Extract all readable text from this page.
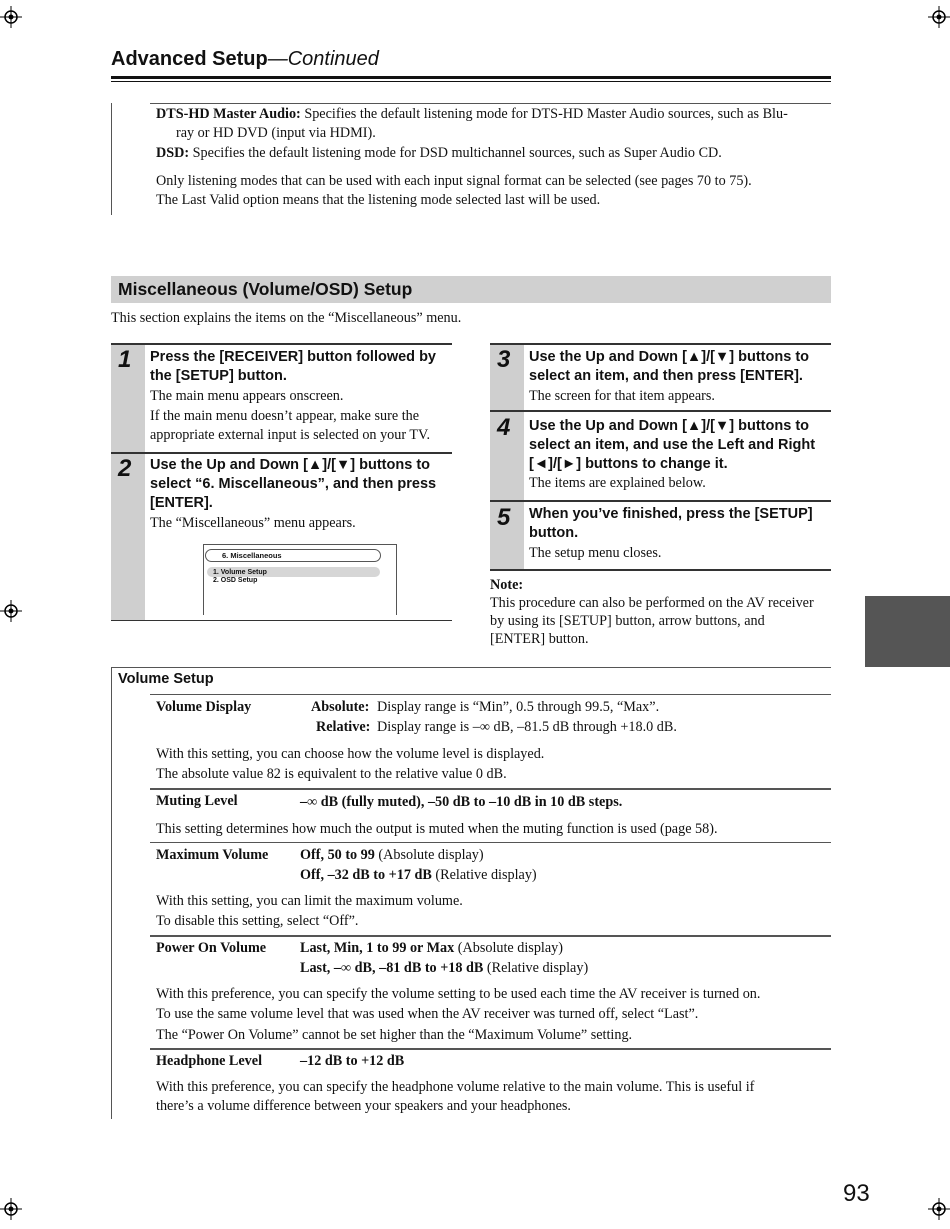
Advanced Setup—Continued
DTS-HD Master Audio: Specifies the default listening mode for DTS-HD Master Audio sources, such as Blu-
ray or HD DVD (input via HDMI).
DSD: Specifies the default listening mode for DSD multichannel sources, such as Super Audio CD.
Only listening modes that can be used with each input signal format can be selected (see pages 70 to 75).
The Last Valid option means that the listening mode selected last will be used.
Miscellaneous (Volume/OSD) Setup
This section explains the items on the “Miscellaneous” menu.
1 Press the [RECEIVER] button followed by
the [SETUP] button.
The main menu appears onscreen.
If the main menu doesn’t appear, make sure the
appropriate external input is selected on your TV.
2 Use the Up and Down [▲]/[▼] buttons to
select “6. Miscellaneous”, and then press
[ENTER].
The “Miscellaneous” menu appears.
6. Miscellaneous
1. Volume Setup
2. OSD Setup
3 Use the Up and Down [▲]/[▼] buttons to
select an item, and then press [ENTER].
The screen for that item appears.
4 Use the Up and Down [▲]/[▼] buttons to
select an item, and use the Left and Right
[◄]/[►] buttons to change it.
The items are explained below.
5 When you’ve finished, press the [SETUP]
button.
The setup menu closes.
Note:
This procedure can also be performed on the AV receiver
by using its [SETUP] button, arrow buttons, and
[ENTER] button.
Volume Setup
Volume Display	Absolute: Display range is “Min”, 0.5 through 99.5, “Max”.
Relative: Display range is –∞ dB, –81.5 dB through +18.0 dB.
With this setting, you can choose how the volume level is displayed.
The absolute value 82 is equivalent to the relative value 0 dB.
Muting Level	–∞ dB (fully muted), –50 dB to –10 dB in 10 dB steps.
This setting determines how much the output is muted when the muting function is used (page 58).
Maximum Volume Off, 50 to 99 (Absolute display)
Off, –32 dB to +17 dB (Relative display)
With this setting, you can limit the maximum volume.
To disable this setting, select “Off”.
Power On Volume Last, Min, 1 to 99 or Max (Absolute display)
Last, –∞ dB, –81 dB to +18 dB (Relative display)
With this preference, you can specify the volume setting to be used each time the AV receiver is turned on.
To use the same volume level that was used when the AV receiver was turned off, select “Last”.
The “Power On Volume” cannot be set higher than the “Maximum Volume” setting.
Headphone Level	–12 dB to +12 dB
With this preference, you can specify the headphone volume relative to the main volume. This is useful if
there’s a volume difference between your speakers and your headphones.
93
